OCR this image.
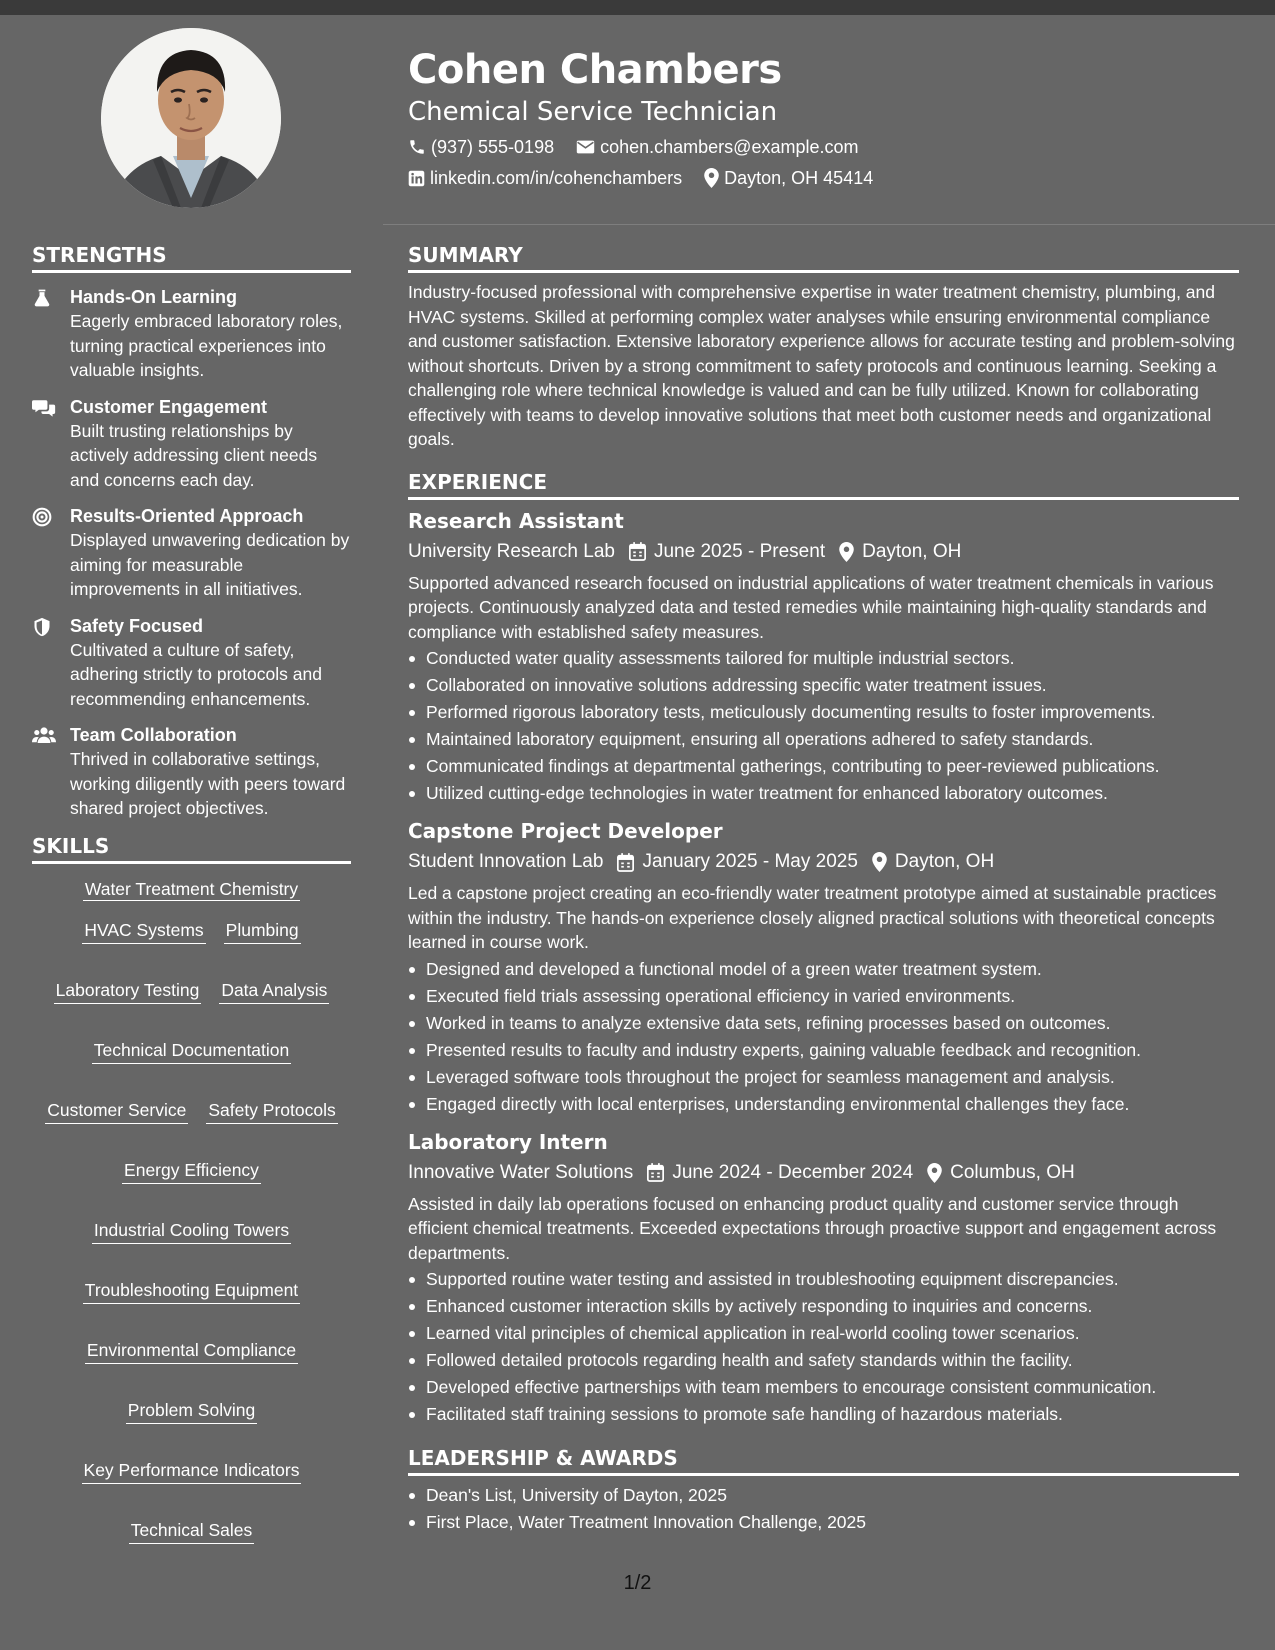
Cohen Chambers
Chemical Service Technician
(937) 555-0198	cohen.chambers@example.com
linkedin.com/in/cohenchambers Dayton, OH 45414
STRENGTHS
Hands-On Learning
Eagerly embraced laboratory roles, turning practical experiences into valuable insights.
Customer Engagement
Built trusting relationships by actively addressing client needs and concerns each day.
Results-Oriented Approach
Displayed unwavering dedication by aiming for measurable improvements in all initiatives.
Safety Focused
Cultivated a culture of safety, adhering strictly to protocols and recommending enhancements.
Team Collaboration
Thrived in collaborative settings, working diligently with peers toward shared project objectives.
SKILLS
Water Treatment Chemistry
HVAC Systems Plumbing
Laboratory Testing Data Analysis
Technical Documentation
Customer Service Safety Protocols
Energy Efficiency
Industrial Cooling Towers
Troubleshooting Equipment
Environmental Compliance
Problem Solving
Key Performance Indicators
Technical Sales
SUMMARY
Industry-focused professional with comprehensive expertise in water treatment chemistry, plumbing, and HVAC systems. Skilled at performing complex water analyses while ensuring environmental compliance and customer satisfaction. Extensive laboratory experience allows for accurate testing and problem-solving without shortcuts. Driven by a strong commitment to safety protocols and continuous learning. Seeking a challenging role where technical knowledge is valued and can be fully utilized. Known for collaborating effectively with teams to develop innovative solutions that meet both customer needs and organizational goals.
EXPERIENCE
Research Assistant
University Research Lab June 2025 - Present Dayton, OH
Supported advanced research focused on industrial applications of water treatment chemicals in various projects. Continuously analyzed data and tested remedies while maintaining high-quality standards and compliance with established safety measures.
Conducted water quality assessments tailored for multiple industrial sectors.
Collaborated on innovative solutions addressing specific water treatment issues.
Performed rigorous laboratory tests, meticulously documenting results to foster improvements.
Maintained laboratory equipment, ensuring all operations adhered to safety standards.
Communicated findings at departmental gatherings, contributing to peer-reviewed publications.
Utilized cutting-edge technologies in water treatment for enhanced laboratory outcomes.
Capstone Project Developer
Student Innovation Lab January 2025 - May 2025 Dayton, OH
Led a capstone project creating an eco-friendly water treatment prototype aimed at sustainable practices within the industry. The hands-on experience closely aligned practical solutions with theoretical concepts learned in course work.
Designed and developed a functional model of a green water treatment system.
Executed field trials assessing operational efficiency in varied environments.
Worked in teams to analyze extensive data sets, refining processes based on outcomes.
Presented results to faculty and industry experts, gaining valuable feedback and recognition.
Leveraged software tools throughout the project for seamless management and analysis.
Engaged directly with local enterprises, understanding environmental challenges they face.
Laboratory Intern
Innovative Water Solutions June 2024 - December 2024 Columbus, OH
Assisted in daily lab operations focused on enhancing product quality and customer service through efficient chemical treatments. Exceeded expectations through proactive support and engagement across departments.
Supported routine water testing and assisted in troubleshooting equipment discrepancies.
Enhanced customer interaction skills by actively responding to inquiries and concerns.
Learned vital principles of chemical application in real-world cooling tower scenarios.
Followed detailed protocols regarding health and safety standards within the facility.
Developed effective partnerships with team members to encourage consistent communication.
Facilitated staff training sessions to promote safe handling of hazardous materials.
LEADERSHIP & AWARDS
Dean's List, University of Dayton, 2025
First Place, Water Treatment Innovation Challenge, 2025
1/2
